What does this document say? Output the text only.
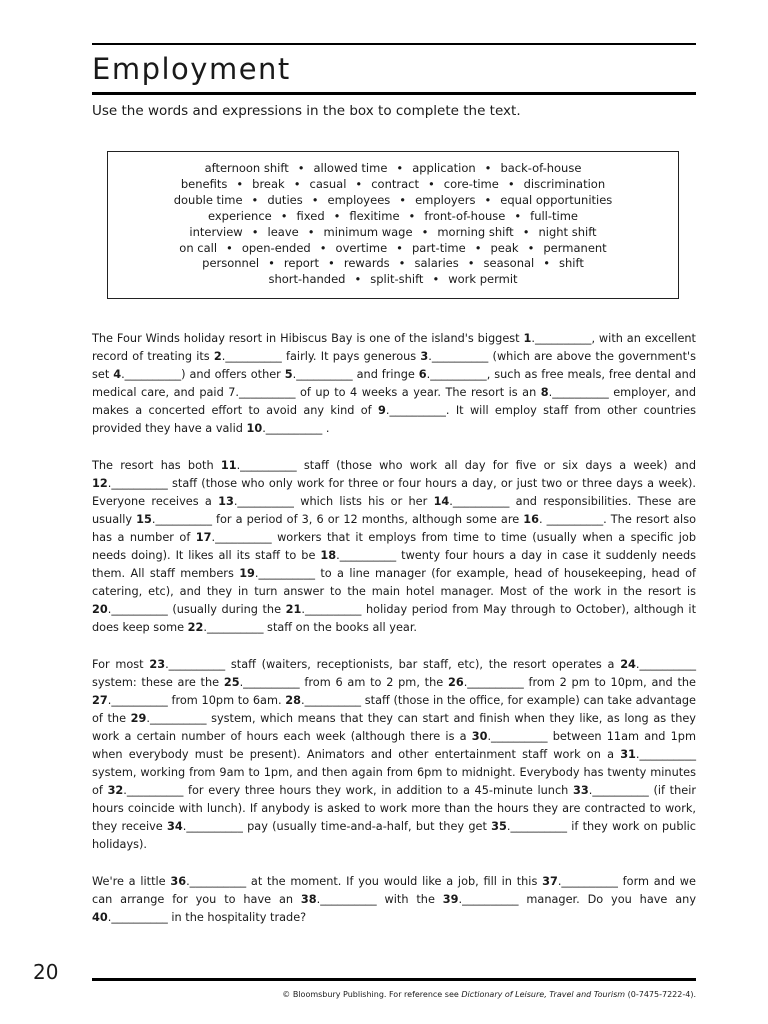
Employment
Use the words and expressions in the box to complete the text.
afternoon shift • allowed time • application • back-of-house
benefits • break • casual • contract • core-time • discrimination
double time • duties • employees • employers • equal opportunities
experience • fixed • flexitime • front-of-house • full-time
interview • leave • minimum wage • morning shift • night shift
on call • open-ended • overtime • part-time • peak • permanent
personnel • report • rewards • salaries • seasonal • shift
short-handed • split-shift • work permit

The Four Winds holiday resort in Hibiscus Bay is one of the island's biggest 1.__________, with an excellent record of treating its 2.__________ fairly. It pays generous 3.__________ (which are above the government's set 4.__________) and offers other 5.__________ and fringe 6.__________, such as free meals, free dental and medical care, and paid 7.__________ of up to 4 weeks a year. The resort is an 8.__________ employer, and makes a concerted effort to avoid any kind of 9.__________. It will employ staff from other countries provided they have a valid 10.__________ .

The resort has both 11.__________ staff (those who work all day for five or six days a week) and 12.__________ staff (those who only work for three or four hours a day, or just two or three days a week). Everyone receives a 13.__________ which lists his or her 14.__________ and responsibilities. These are usually 15.__________ for a period of 3, 6 or 12 months, although some are 16. __________. The resort also has a number of 17.__________ workers that it employs from time to time (usually when a specific job needs doing). It likes all its staff to be 18.__________ twenty four hours a day in case it suddenly needs them. All staff members 19.__________ to a line manager (for example, head of housekeeping, head of catering, etc), and they in turn answer to the main hotel manager. Most of the work in the resort is 20.__________ (usually during the 21.__________ holiday period from May through to October), although it does keep some 22.__________ staff on the books all year.

For most 23.__________ staff (waiters, receptionists, bar staff, etc), the resort operates a 24.__________ system: these are the 25.__________ from 6 am to 2 pm, the 26.__________ from 2 pm to 10pm, and the 27.__________ from 10pm to 6am. 28.__________ staff (those in the office, for example) can take advantage of the 29.__________ system, which means that they can start and finish when they like, as long as they work a certain number of hours each week (although there is a 30.__________ between 11am and 1pm when everybody must be present). Animators and other entertainment staff work on a 31.__________ system, working from 9am to 1pm, and then again from 6pm to midnight. Everybody has twenty minutes of 32.__________ for every three hours they work, in addition to a 45-minute lunch 33.__________ (if their hours coincide with lunch). If anybody is asked to work more than the hours they are contracted to work, they receive 34.__________ pay (usually time-and-a-half, but they get 35.__________ if they work on public holidays).

We're a little 36.__________ at the moment. If you would like a job, fill in this 37.__________ form and we can arrange for you to have an 38.__________ with the 39.__________ manager. Do you have any 40.__________ in the hospitality trade?

20
© Bloomsbury Publishing. For reference see Dictionary of Leisure, Travel and Tourism (0-7475-7222-4).
